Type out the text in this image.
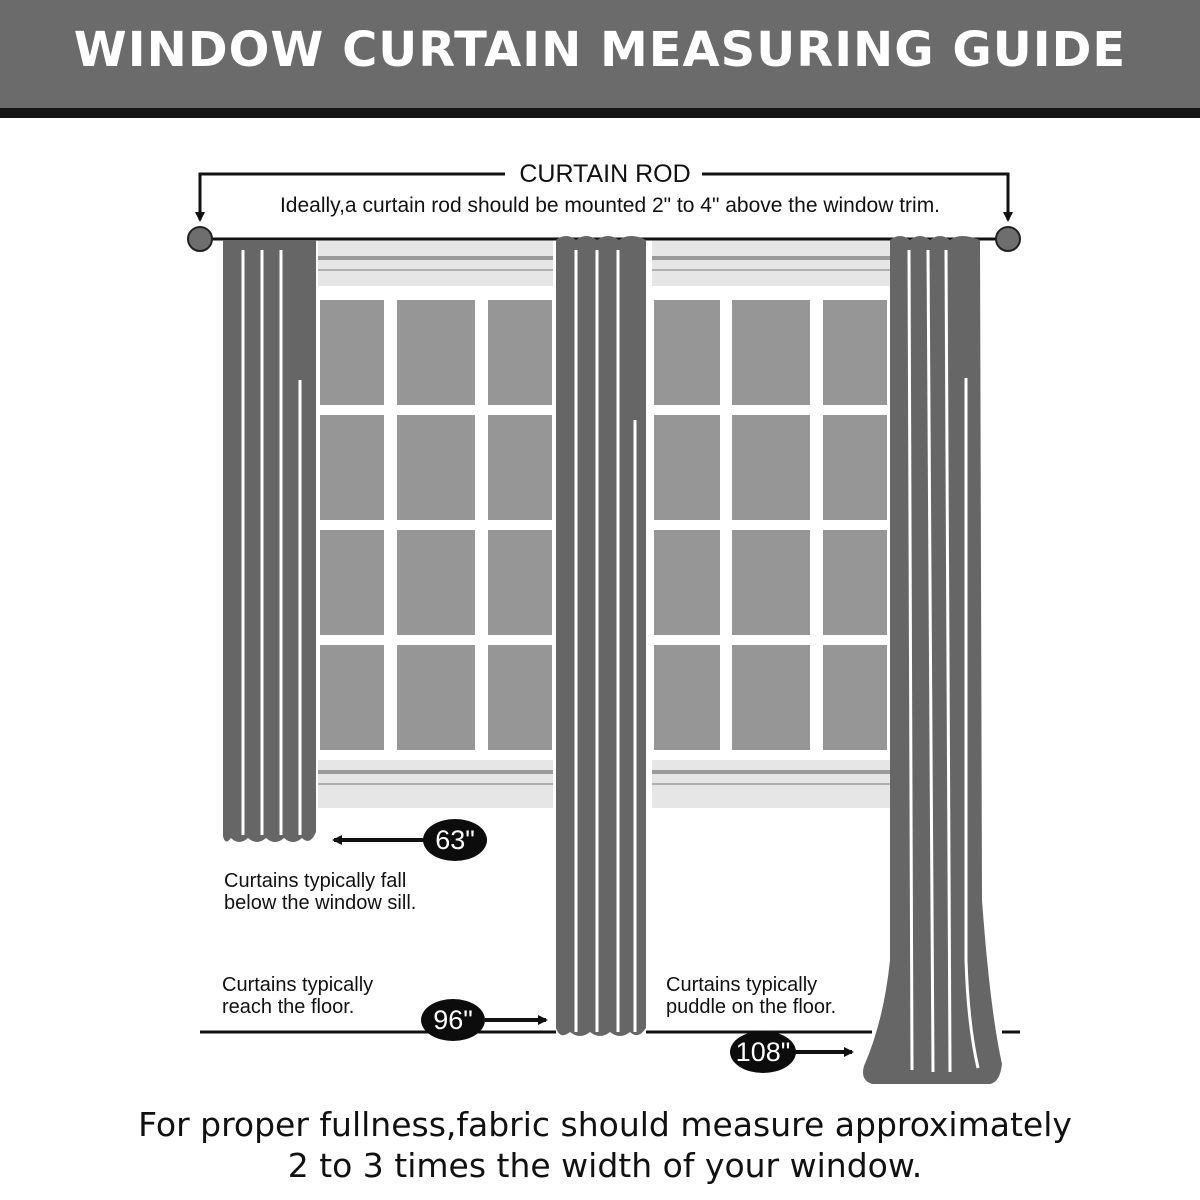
WINDOW CURTAIN MEASURING GUIDE
CURTAIN ROD
Ideally,a curtain rod should be mounted 2" to 4" above the window trim.
63"
96"
108"
Curtains typically fall
below the window sill.
Curtains typically
reach the floor.
Curtains typically
puddle on the floor.
For proper fullness,fabric should measure approximately
2 to 3 times the width of your window.
